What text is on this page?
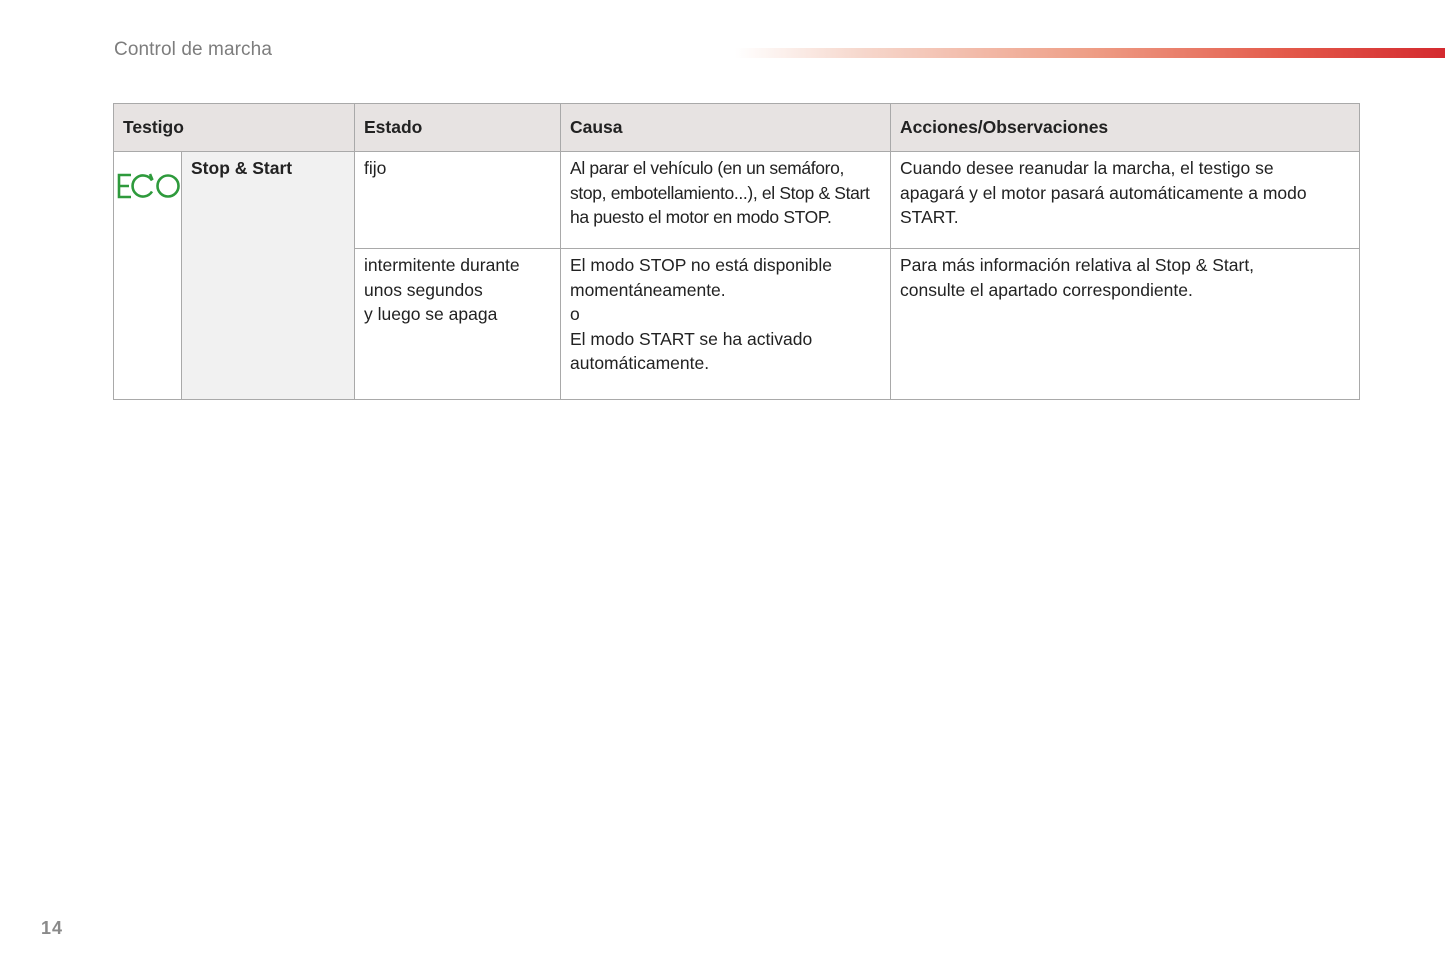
Control de marcha
Testigo		Estado	Causa	Acciones/Observaciones

	Stop & Start	fijo	Al parar el vehículo (en un semáforo,
stop, embotellamiento...), el Stop & Start
ha puesto el motor en modo STOP.	Cuando desee reanudar la marcha, el testigo se
apagará y el motor pasará automáticamente a modo
START.

		intermitente durante
unos segundos
y luego se apaga	El modo STOP no está disponible
momentáneamente.
o
El modo START se ha activado
automáticamente.	Para más información relativa al Stop & Start,
consulte el apartado correspondiente.
14
